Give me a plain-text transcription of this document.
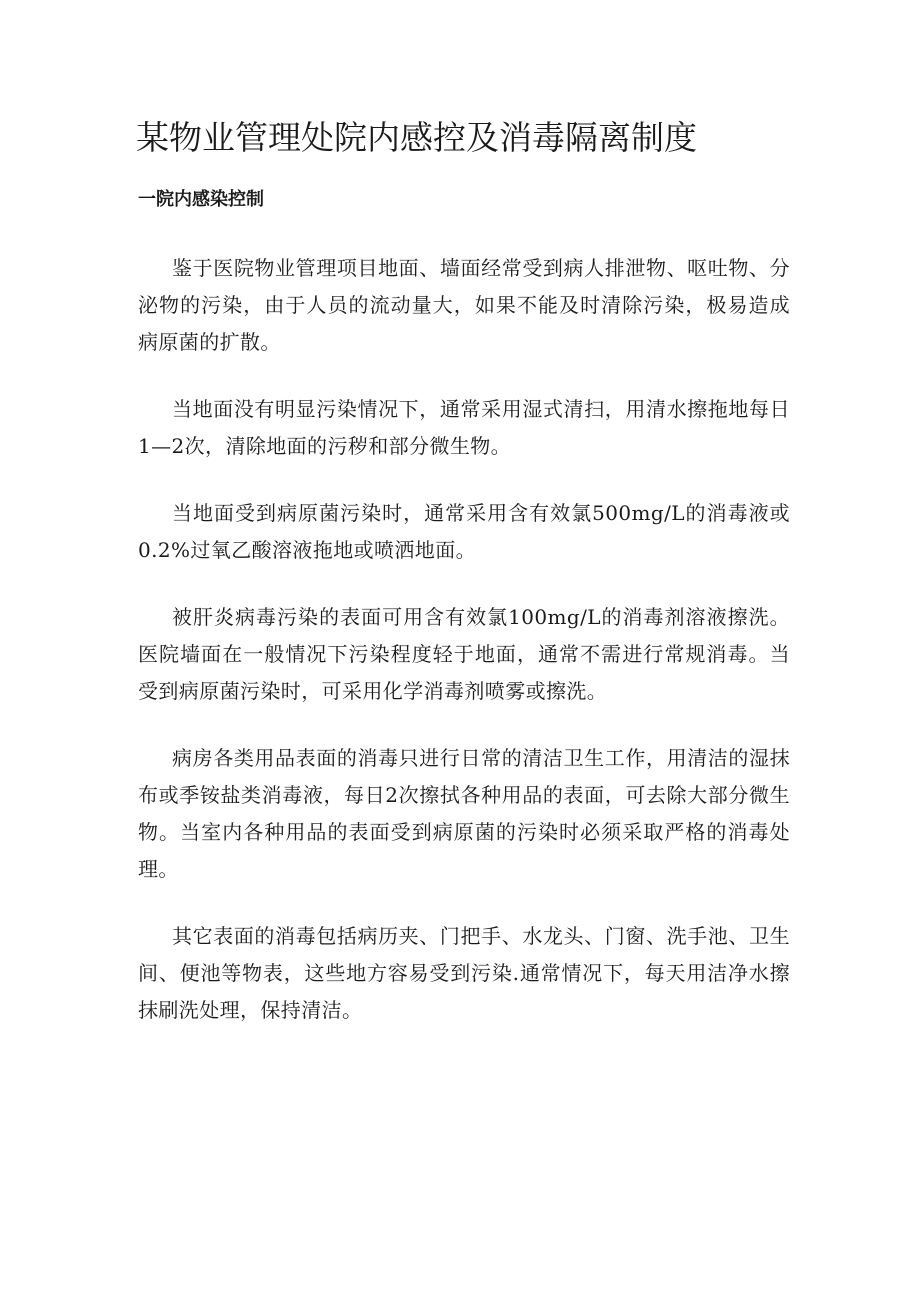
某物业管理处院内感控及消毒隔离制度
一院内感染控制

鉴于医院物业管理项目地面、墙面经常受到病人排泄物、呕吐物、分泌物的污染，由于人员的流动量大，如果不能及时清除污染，极易造成病原菌的扩散。

当地面没有明显污染情况下，通常采用湿式清扫，用清水擦拖地每日1—2次，清除地面的污秽和部分微生物。

当地面受到病原菌污染时，通常采用含有效氯500mg/L的消毒液或0.2%过氧乙酸溶液拖地或喷洒地面。

被肝炎病毒污染的表面可用含有效氯100mg/L的消毒剂溶液擦洗。医院墙面在一般情况下污染程度轻于地面，通常不需进行常规消毒。当受到病原菌污染时，可采用化学消毒剂喷雾或擦洗。

病房各类用品表面的消毒只进行日常的清洁卫生工作，用清洁的湿抹布或季铵盐类消毒液，每日2次擦拭各种用品的表面，可去除大部分微生物。当室内各种用品的表面受到病原菌的污染时必须采取严格的消毒处理。

其它表面的消毒包括病历夹、门把手、水龙头、门窗、洗手池、卫生间、便池等物表，这些地方容易受到污染.通常情况下，每天用洁净水擦抹刷洗处理，保持清洁。
